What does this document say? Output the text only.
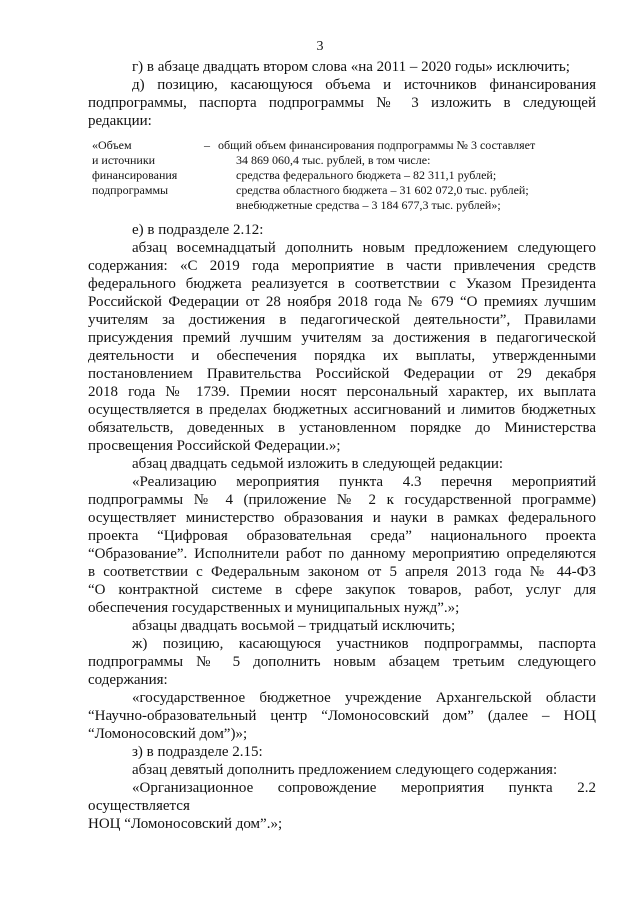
3

г) в абзаце двадцать втором слова «на 2011 – 2020 годы» исключить;

д) позицию, касающуюся объема и источников финансирования

подпрограммы, паспорта подпрограммы № 3 изложить в следующей

редакции:

«Объем
и источники
финансирования
подпрограммы
	–	общий объем финансирования подпрограммы № 3 составляет
34 869 060,4 тыс. рублей, в том числе:
средства федерального бюджета – 82 311,1 рублей;
средства областного бюджета – 31 602 072,0 тыс. рублей;
внебюджетные средства – 3 184 677,3 тыс. рублей»;

е) в подразделе 2.12:

абзац восемнадцатый дополнить новым предложением следующего

содержания: «С 2019 года мероприятие в части привлечения средств

федерального бюджета реализуется в соответствии с Указом Президента

Российской Федерации от 28 ноября 2018 года № 679 “О премиях лучшим

учителям за достижения в педагогической деятельности”, Правилами

присуждения премий лучшим учителям за достижения в педагогической

деятельности и обеспечения порядка их выплаты, утвержденными

постановлением Правительства Российской Федерации от 29 декабря

2018 года № 1739. Премии носят персональный характер, их выплата

осуществляется в пределах бюджетных ассигнований и лимитов бюджетных

обязательств, доведенных в установленном порядке до Министерства

просвещения Российской Федерации.»;

абзац двадцать седьмой изложить в следующей редакции:

«Реализацию мероприятия пункта 4.3 перечня мероприятий

подпрограммы № 4 (приложение № 2 к государственной программе)

осуществляет министерство образования и науки в рамках федерального

проекта “Цифровая образовательная среда” национального проекта

“Образование”. Исполнители работ по данному мероприятию определяются

в соответствии с Федеральным законом от 5 апреля 2013 года № 44-ФЗ

“О контрактной системе в сфере закупок товаров, работ, услуг для

обеспечения государственных и муниципальных нужд”.»;

абзацы двадцать восьмой – тридцатый исключить;

ж) позицию, касающуюся участников подпрограммы, паспорта

подпрограммы № 5 дополнить новым абзацем третьим следующего

содержания:

«государственное бюджетное учреждение Архангельской области

“Научно-образовательный центр “Ломоносовский дом” (далее – НОЦ

“Ломоносовский дом”)»;

з) в подразделе 2.15:

абзац девятый дополнить предложением следующего содержания:

«Организационное сопровождение мероприятия пункта 2.2 осуществляется

НОЦ “Ломоносовский дом”.»;
